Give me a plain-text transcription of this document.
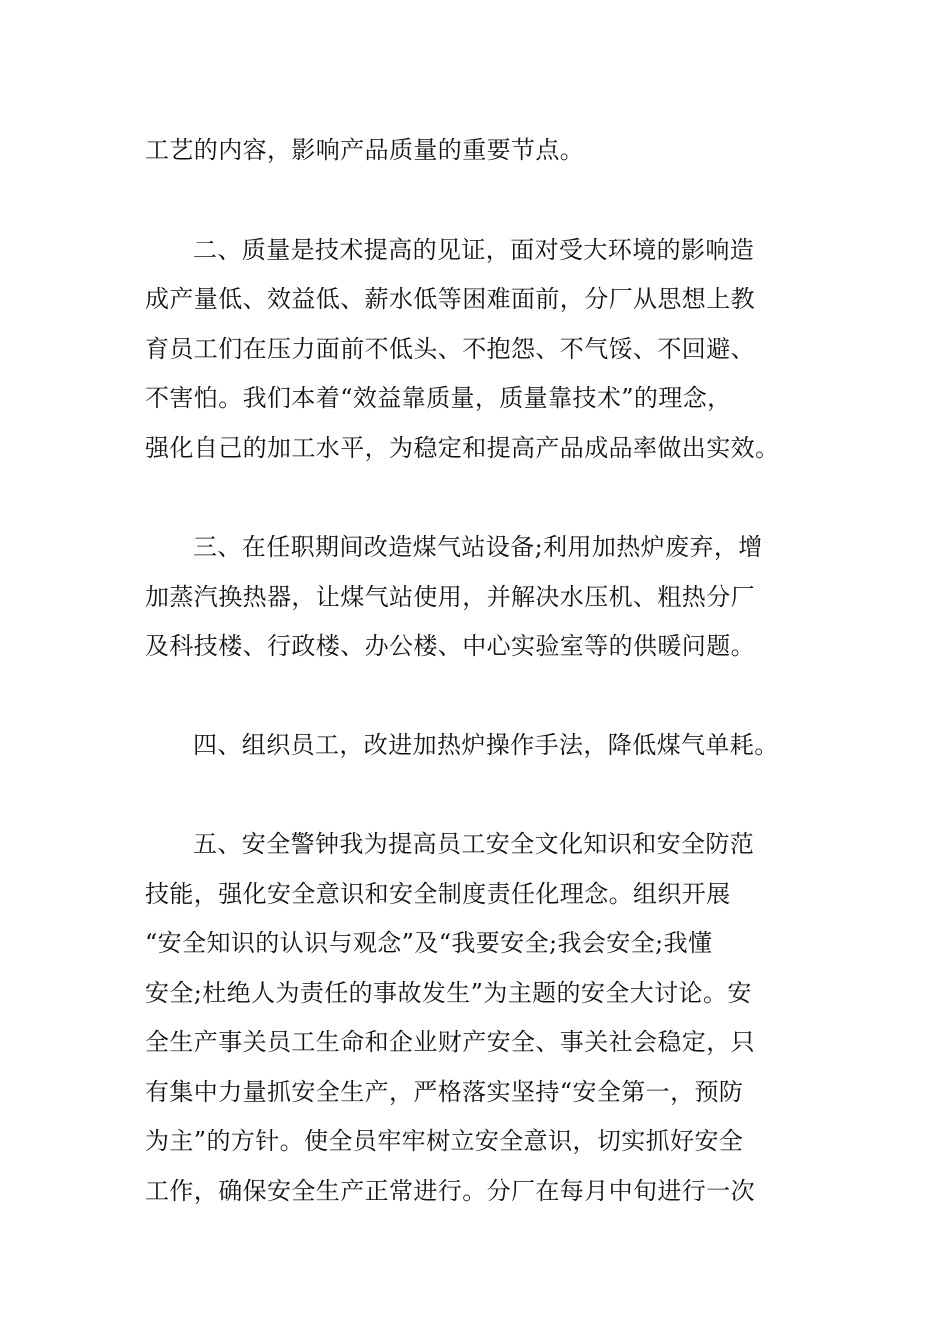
工艺的内容，影响产品质量的重要节点。
二、质量是技术提高的见证，面对受大环境的影响造
成产量低、效益低、薪水低等困难面前，分厂从思想上教
育员工们在压力面前不低头、不抱怨、不气馁、不回避、
不害怕。我们本着“效益靠质量，质量靠技术”的理念，
强化自己的加工水平，为稳定和提高产品成品率做出实效。
三、在任职期间改造煤气站设备;利用加热炉废弃，增
加蒸汽换热器，让煤气站使用，并解决水压机、粗热分厂
及科技楼、行政楼、办公楼、中心实验室等的供暖问题。
四、组织员工，改进加热炉操作手法，降低煤气单耗。
五、安全警钟我为提高员工安全文化知识和安全防范
技能，强化安全意识和安全制度责任化理念。组织开展
“安全知识的认识与观念”及“我要安全;我会安全;我懂
安全;杜绝人为责任的事故发生”为主题的安全大讨论。安
全生产事关员工生命和企业财产安全、事关社会稳定，只
有集中力量抓安全生产，严格落实坚持“安全第一，预防
为主”的方针。使全员牢牢树立安全意识，切实抓好安全
工作，确保安全生产正常进行。分厂在每月中旬进行一次
